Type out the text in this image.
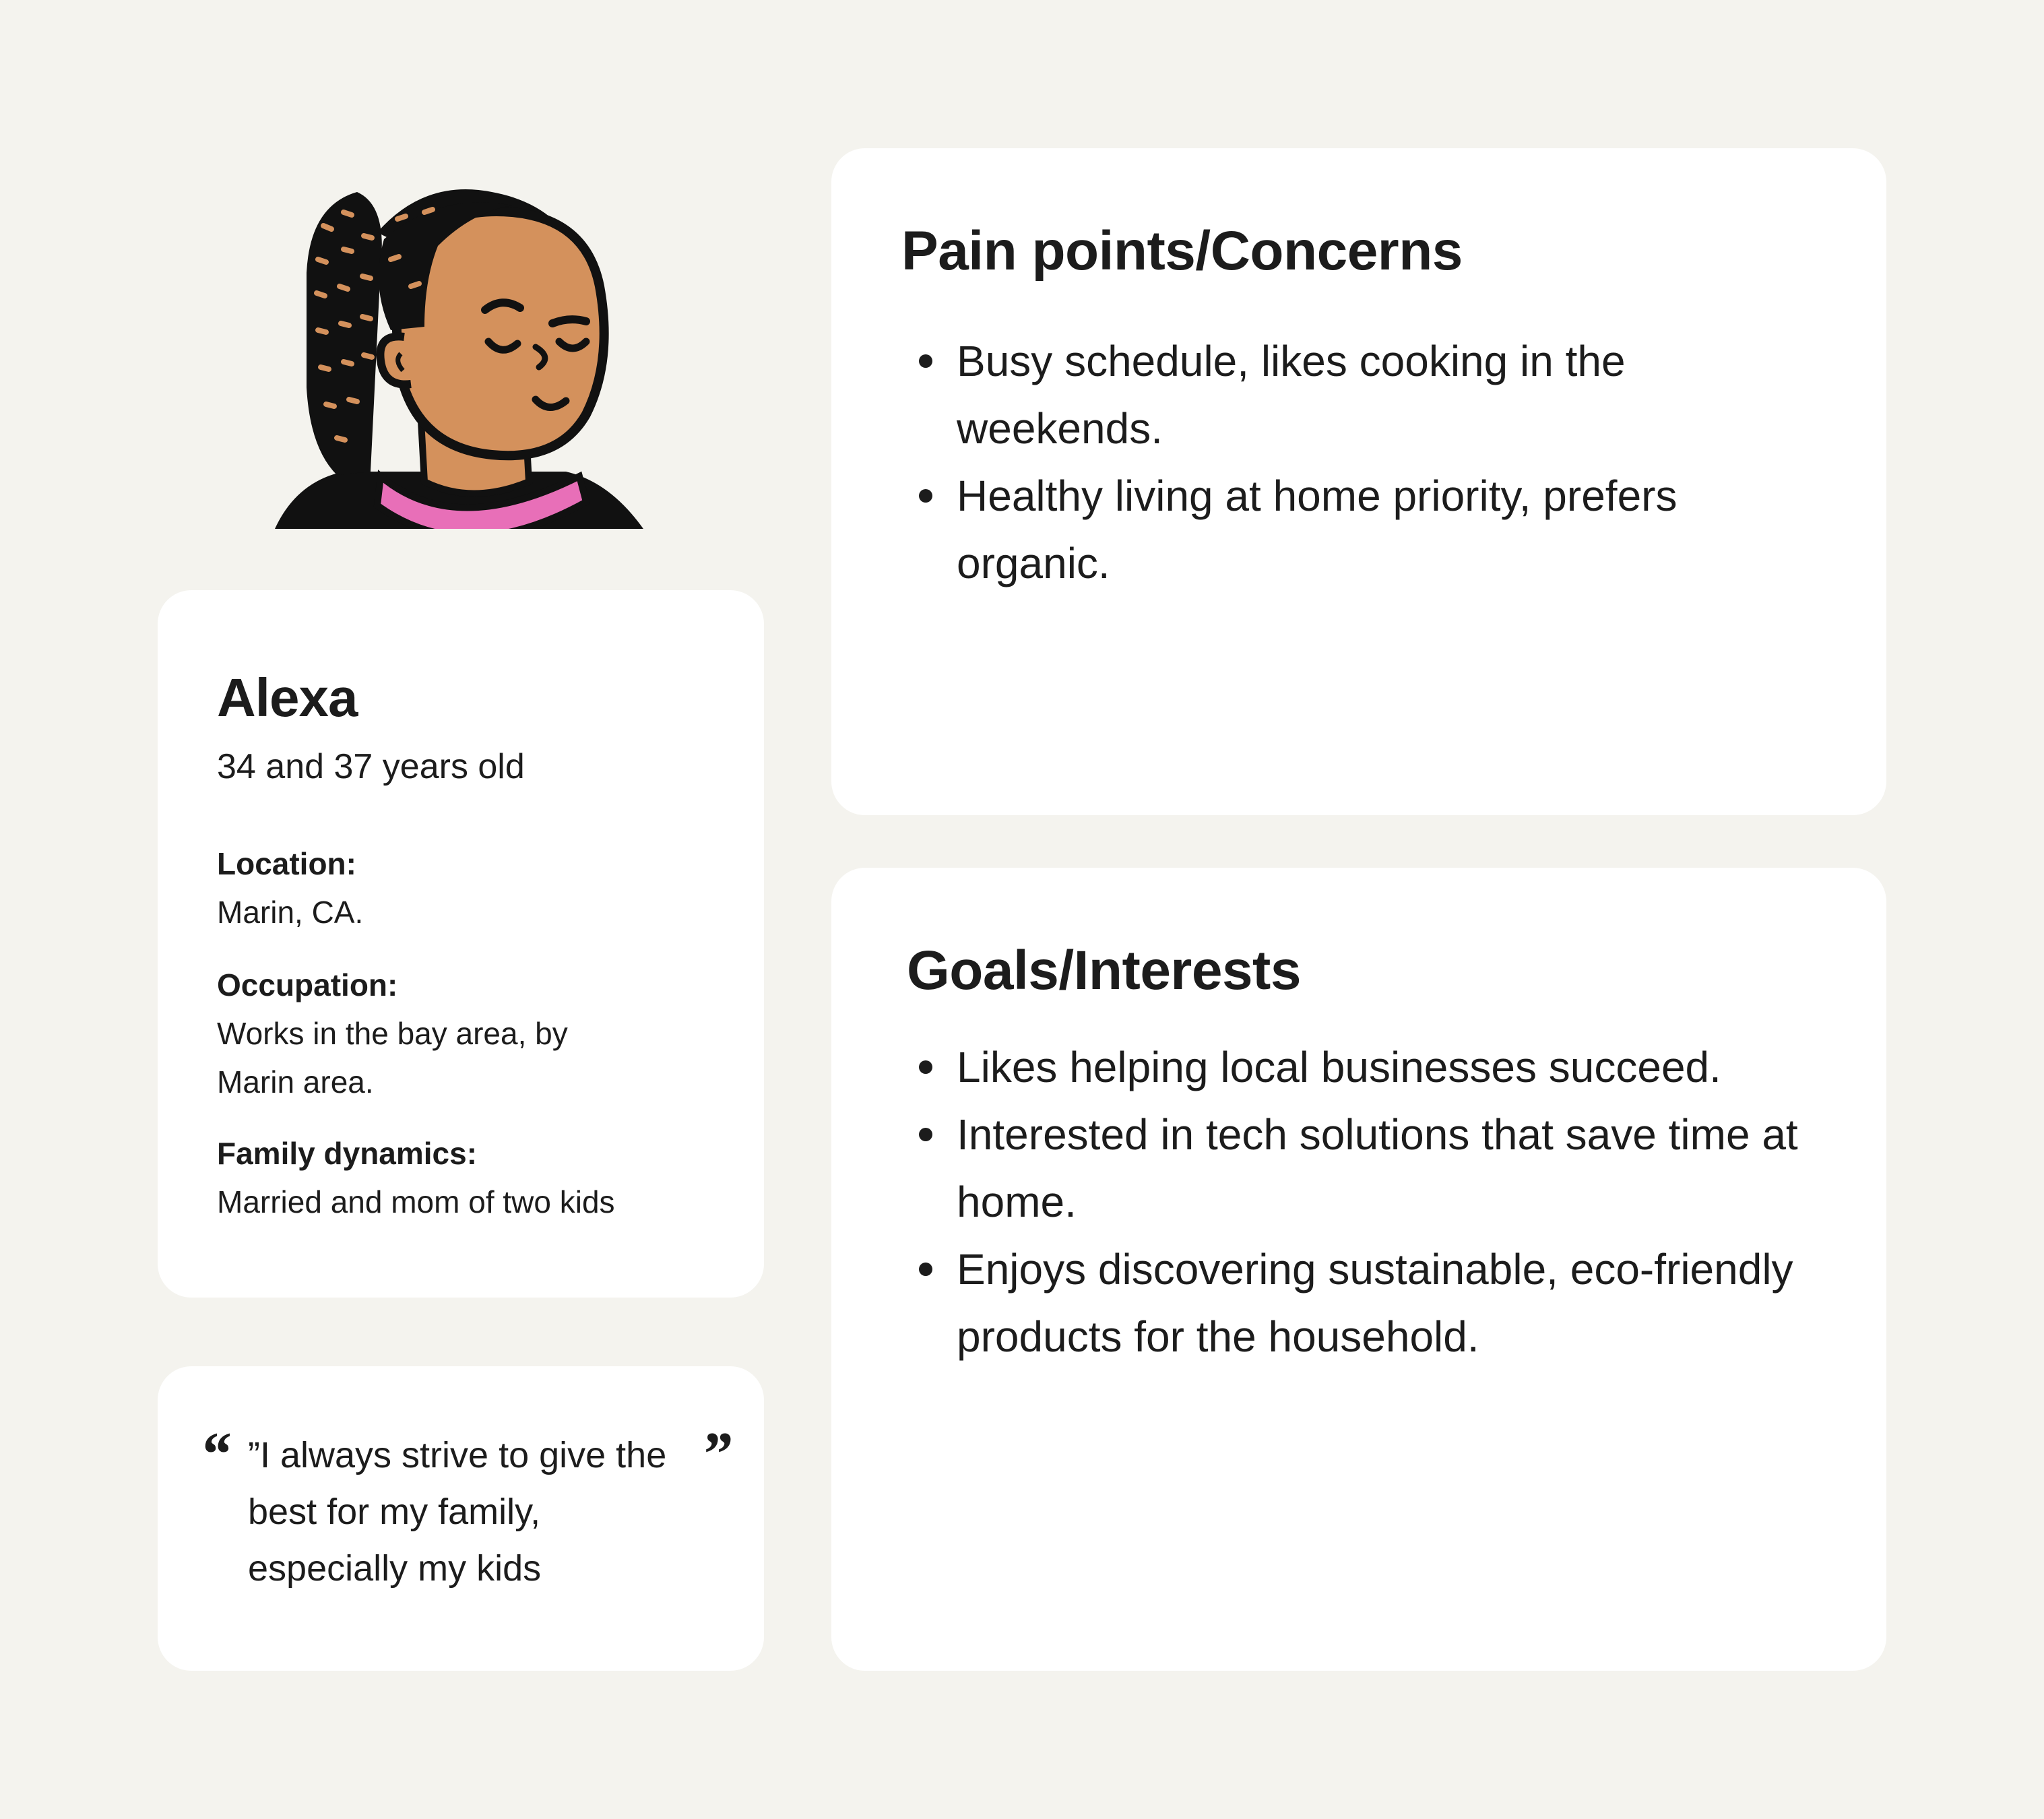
Alexa
34 and 37 years old
Location:
Marin, CA.
Occupation:
Works in the bay area, by Marin area.
Family dynamics:
Married and mom of two kids
“ ”I always strive to give the best for my family, especially my kids
”
Pain points/Concerns
Busy schedule, likes cooking in the weekends.
Healthy living at home priority, prefers organic.
Goals/Interests
Likes helping local businesses succeed.
Interested in tech solutions that save time at home.
Enjoys discovering sustainable, eco-friendly products for the household.
